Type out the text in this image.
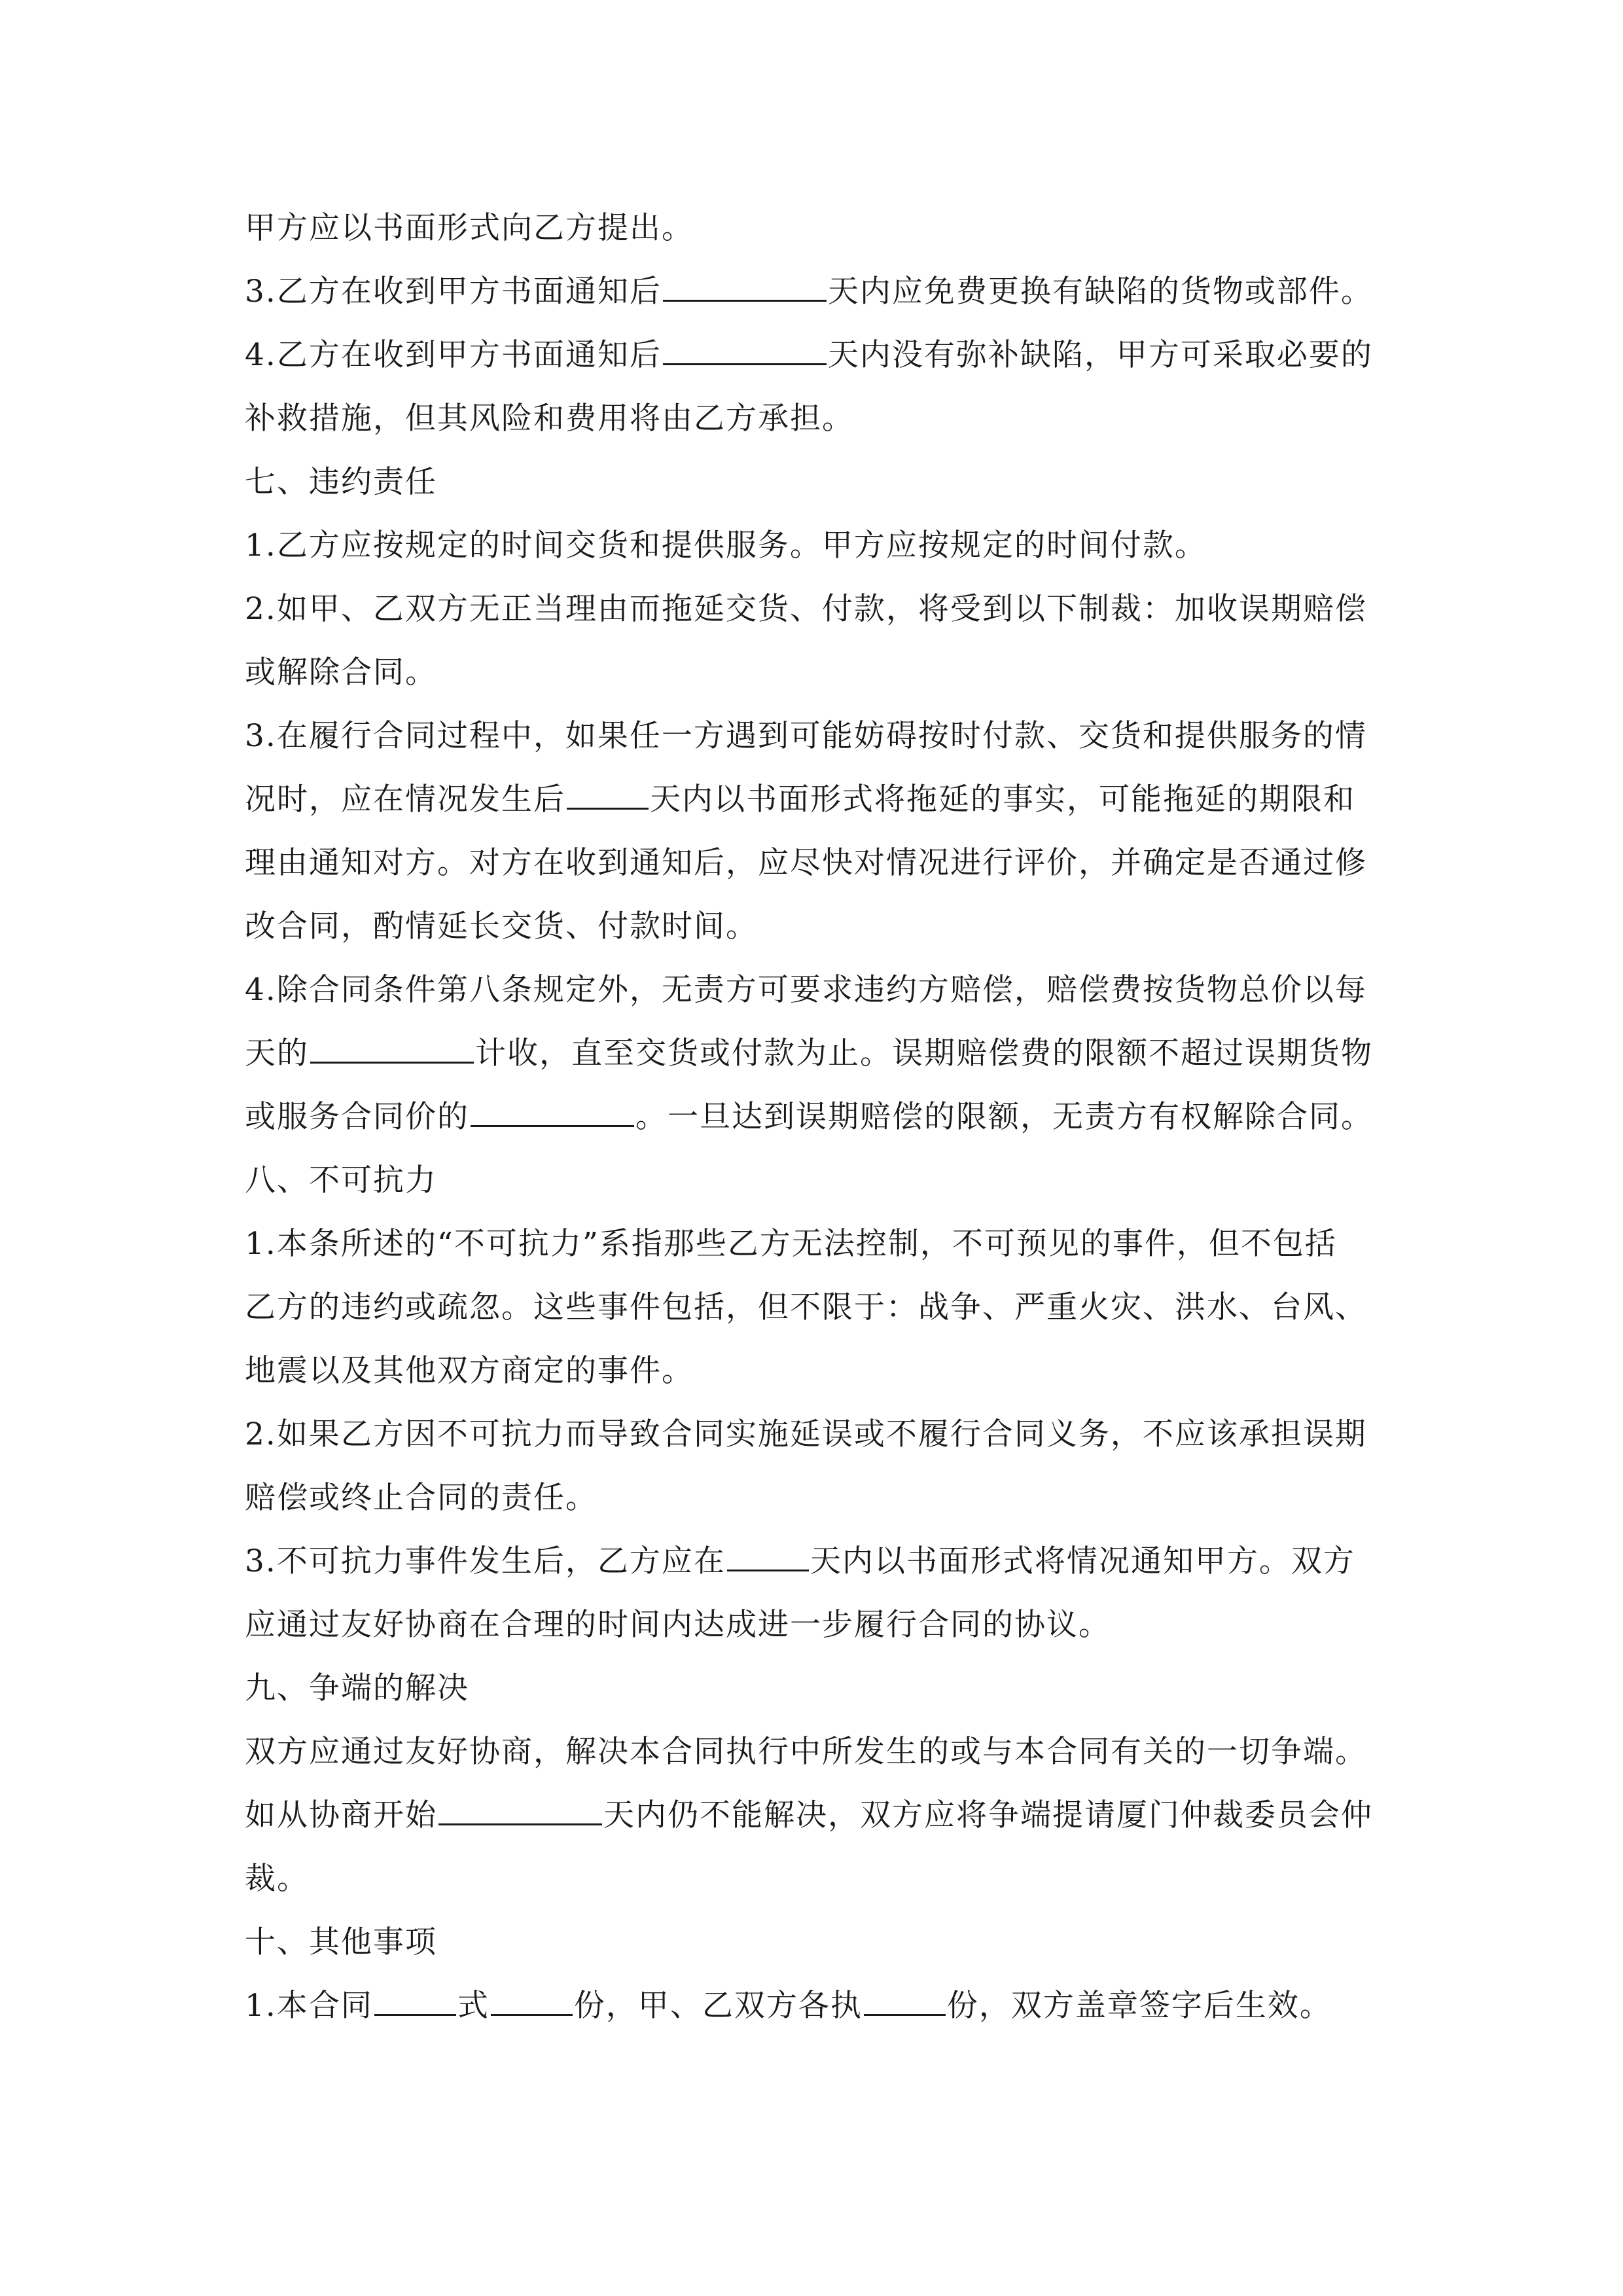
甲方应以书面形式向乙方提出。
3.乙方在收到甲方书面通知后	天内应免费更换有缺陷的货物或部件。
4.乙方在收到甲方书面通知后	天内没有弥补缺陷，甲方可采取必要的
补救措施，但其风险和费用将由乙方承担。
七、违约责任
1.乙方应按规定的时间交货和提供服务。甲方应按规定的时间付款。
2.如甲、乙双方无正当理由而拖延交货、付款，将受到以下制裁：加收误期赔偿
或解除合同。
3.在履行合同过程中，如果任一方遇到可能妨碍按时付款、交货和提供服务的情
况时，应在情况发生后	天内以书面形式将拖延的事实，可能拖延的期限和
理由通知对方。对方在收到通知后，应尽快对情况进行评价，并确定是否通过修
改合同，酌情延长交货、付款时间。
4.除合同条件第八条规定外，无责方可要求违约方赔偿，赔偿费按货物总价以每
天的	计收，直至交货或付款为止。误期赔偿费的限额不超过误期货物
或服务合同价的	。一旦达到误期赔偿的限额，无责方有权解除合同。
八、不可抗力
1.本条所述的“不可抗力”系指那些乙方无法控制，不可预见的事件，但不包括
乙方的违约或疏忽。这些事件包括，但不限于：战争、严重火灾、洪水、台风、
地震以及其他双方商定的事件。
2.如果乙方因不可抗力而导致合同实施延误或不履行合同义务，不应该承担误期
赔偿或终止合同的责任。
3.不可抗力事件发生后，乙方应在	天内以书面形式将情况通知甲方。双方
应通过友好协商在合理的时间内达成进一步履行合同的协议。
九、争端的解决
双方应通过友好协商，解决本合同执行中所发生的或与本合同有关的一切争端。
如从协商开始	天内仍不能解决，双方应将争端提请厦门仲裁委员会仲
裁。
十、其他事项
1.本合同	式	份，甲、乙双方各执	份，双方盖章签字后生效。
